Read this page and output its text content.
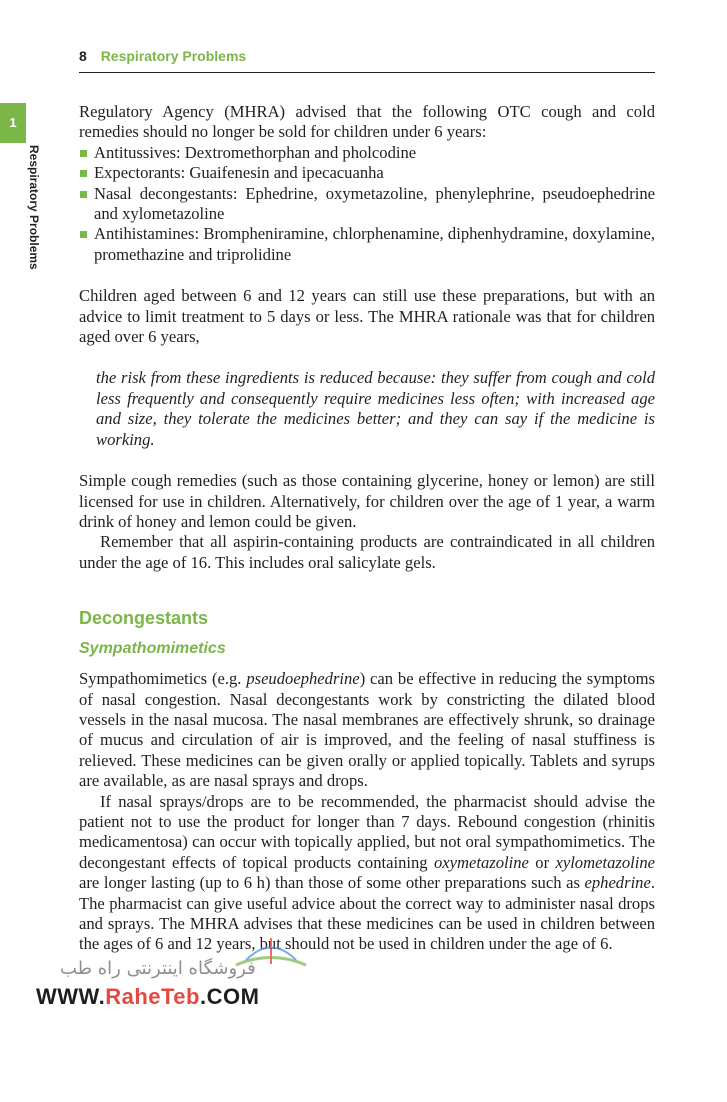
8 Respiratory Problems
1
Respiratory Problems

Regulatory Agency (MHRA) advised that the following OTC cough and cold remedies should no longer be sold for children under 6 years:

Antitussives: Dextromethorphan and pholcodine
Expectorants: Guaifenesin and ipecacuanha
Nasal decongestants: Ephedrine, oxymetazoline, phenylephrine, pseudoephedrine and xylometazoline
Antihistamines: Brompheniramine, chlorphenamine, diphenhydramine, doxylamine, promethazine and triprolidine

Children aged between 6 and 12 years can still use these preparations, but with an advice to limit treatment to 5 days or less. The MHRA rationale was that for children aged over 6 years,

the risk from these ingredients is reduced because: they suffer from cough and cold less frequently and consequently require medicines less often; with increased age and size, they tolerate the medicines better; and they can say if the medicine is working.

Simple cough remedies (such as those containing glycerine, honey or lemon) are still licensed for use in children. Alternatively, for children over the age of 1 year, a warm drink of honey and lemon could be given.

Remember that all aspirin-containing products are contraindicated in all children under the age of 16. This includes oral salicylate gels.

Decongestants
Sympathomimetics

Sympathomimetics (e.g. pseudoephedrine) can be effective in reducing the symptoms of nasal congestion. Nasal decongestants work by constricting the dilated blood vessels in the nasal mucosa. The nasal membranes are effectively shrunk, so drainage of mucus and circulation of air is improved, and the feeling of nasal stuffiness is relieved. These medicines can be given orally or applied topically. Tablets and syrups are available, as are nasal sprays and drops.

If nasal sprays/drops are to be recommended, the pharmacist should advise the patient not to use the product for longer than 7 days. Rebound congestion (rhinitis medicamentosa) can occur with topically applied, but not oral sympathomimetics. The decongestant effects of topical products containing oxymetazoline or xylometazoline are longer lasting (up to 6 h) than those of some other preparations such as ephedrine. The pharmacist can give useful advice about the correct way to administer nasal drops and sprays. The MHRA advises that these medicines can be used in children between the ages of 6 and 12 years, but should not be used in children under the age of 6.

فروشگاه اینترنتی راه طب
WWW.RaheTeb.COM
